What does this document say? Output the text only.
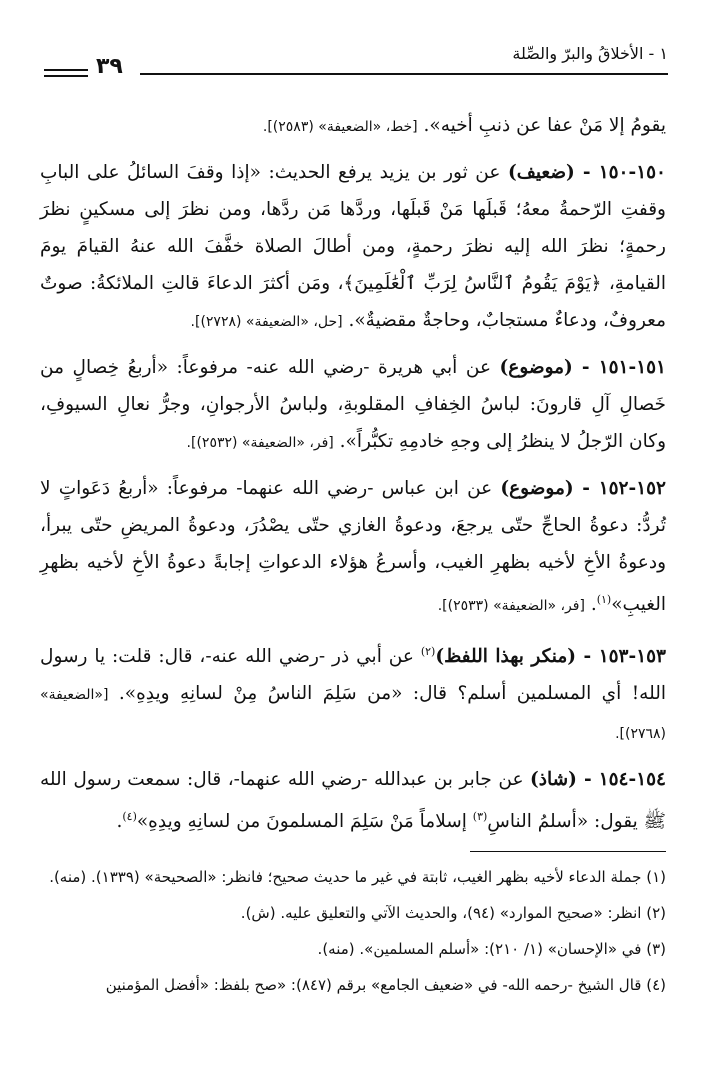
١ - الأخلاقُ والبرّ والصِّلة
٣٩

يقومُ إلا مَنْ عفا عن ذنبِ أخيه». [خط، «الضعيفة» (٢٥٨٣)].

١٥٠-١٥٠ - (ضعيف) عن ثور بن يزيد يرفع الحديث: «إذا وقفَ السائلُ على البابِ وقفتِ الرّحمةُ معهُ؛ قَبلَها مَنْ قَبلَها، وردَّها مَن ردَّها، ومن نظرَ إلى مسكينٍ نظرَ رحمةٍ؛ نظرَ الله إليه نظرَ رحمةٍ، ومن أطالَ الصلاة خفَّفَ الله عنهُ القيامَ يومَ القيامةِ، ﴿يَوْمَ يَقُومُ ٱلنَّاسُ لِرَبِّ ٱلْعَٰلَمِينَ﴾، ومَن أكثرَ الدعاءَ قالتِ الملائكةُ: صوتٌ معروفٌ، ودعاءٌ مستجابٌ، وحاجةٌ مقضيةٌ». [حل، «الضعيفة» (٢٧٢٨)].

١٥١-١٥١ - (موضوع) عن أبي هريرة -رضي الله عنه- مرفوعاً: «أربعُ خِصالٍ من خَصالِ آلِ قارونَ: لباسُ الخِفافِ المقلوبةِ، ولباسُ الأرجوانِ، وجرُّ نعالِ السيوفِ، وكان الرّجلُ لا ينظرُ إلى وجهِ خادمِهِ تكبُّراً». [فر، «الضعيفة» (٢٥٣٢)].

١٥٢-١٥٢ - (موضوع) عن ابن عباس -رضي الله عنهما- مرفوعاً: «أربعُ دَعَواتٍ لا تُردُّ: دعوةُ الحاجِّ حتّى يرجعَ، ودعوةُ الغازي حتّى يصْدُرَ، ودعوةُ المريضِ حتّى يبرأ، ودعوةُ الأخِ لأخيه بظهرِ الغيب، وأسرعُ هؤلاء الدعواتِ إجابةً دعوةُ الأخِ لأخيه بظهرِ الغيبِ»$^{(١)}$. [فر، «الضعيفة» (٢٥٣٣)].

١٥٣-١٥٣ - (منكر بهذا اللفظ)$^{(٢)}$ عن أبي ذر -رضي الله عنه-، قال: قلت: يا رسول الله! أي المسلمين أسلم؟ قال: «من سَلِمَ الناسُ مِنْ لسانِهِ ويدِهِ». [«الضعيفة» (٢٧٦٨)].

١٥٤-١٥٤ - (شاذ) عن جابر بن عبدالله -رضي الله عنهما-، قال: سمعت رسول الله ﷺ يقول: «أسلمُ الناسِ$^{(٣)}$ إسلاماً مَنْ سَلِمَ المسلمونَ من لسانِهِ ويدِهِ»$^{(٤)}$.

(١) جملة الدعاء لأخيه بظهر الغيب، ثابتة في غير ما حديث صحيح؛ فانظر: «الصحيحة» (١٣٣٩). (منه).

(٢) انظر: «صحيح الموارد» (٩٤)، والحديث الآتي والتعليق عليه. (ش).

(٣) في «الإحسان» (١/ ٢١٠): «أسلم المسلمين». (منه).

(٤) قال الشيخ -رحمه الله- في «ضعيف الجامع» برقم (٨٤٧): «صح بلفظ: «أفضل المؤمنين
